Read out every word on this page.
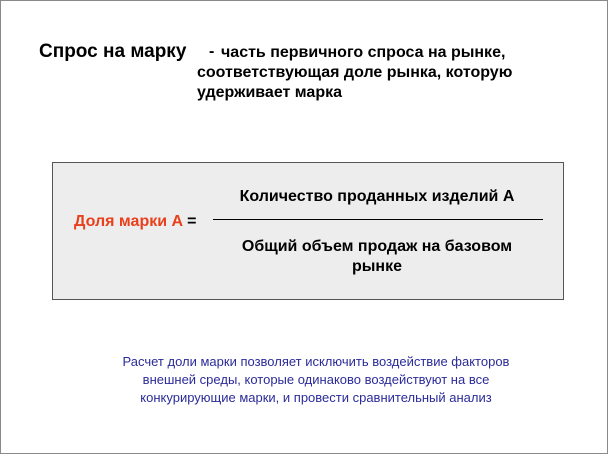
Спрос на марку - часть первичного спроса на рынке, соответствующая доле рынка, которую удерживает марка
Доля марки А =
Количество проданных изделий А
Общий объем продаж на базовом рынке
Расчет доли марки позволяет исключить воздействие факторов внешней среды, которые одинаково воздействуют на все конкурирующие марки, и провести сравнительный анализ
